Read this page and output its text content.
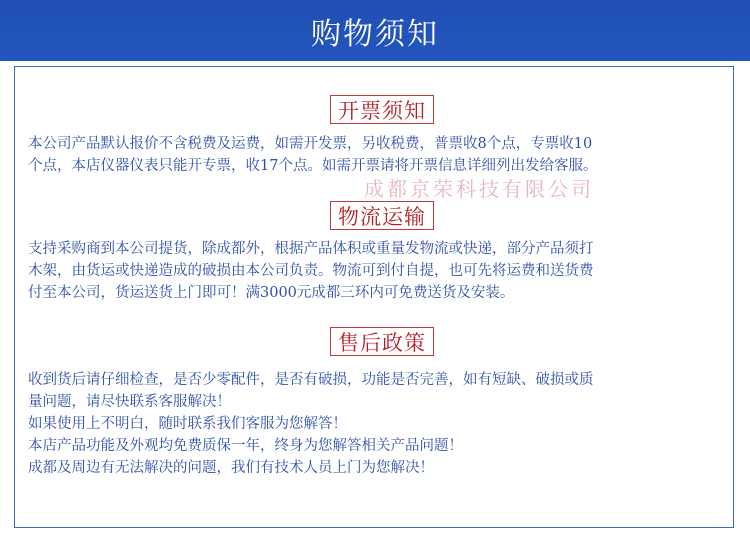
购物须知
开票须知

本公司产品默认报价不含税费及运费，如需开发票，另收税费，普票收8个点，专票收10

个点，本店仪器仪表只能开专票，收17个点。如需开票请将开票信息详细列出发给客服。

成都京荣科技有限公司
物流运输

支持采购商到本公司提货，除成都外，根据产品体积或重量发物流或快递，部分产品须打

木架，由货运或快递造成的破损由本公司负责。物流可到付自提，也可先将运费和送货费

付至本公司，货运送货上门即可！满3000元成都三环内可免费送货及安装。

售后政策

收到货后请仔细检查，是否少零配件，是否有破损，功能是否完善，如有短缺、破损或质

量问题，请尽快联系客服解决！

如果使用上不明白，随时联系我们客服为您解答！

本店产品功能及外观均免费质保一年，终身为您解答相关产品问题！

成都及周边有无法解决的问题，我们有技术人员上门为您解决！
